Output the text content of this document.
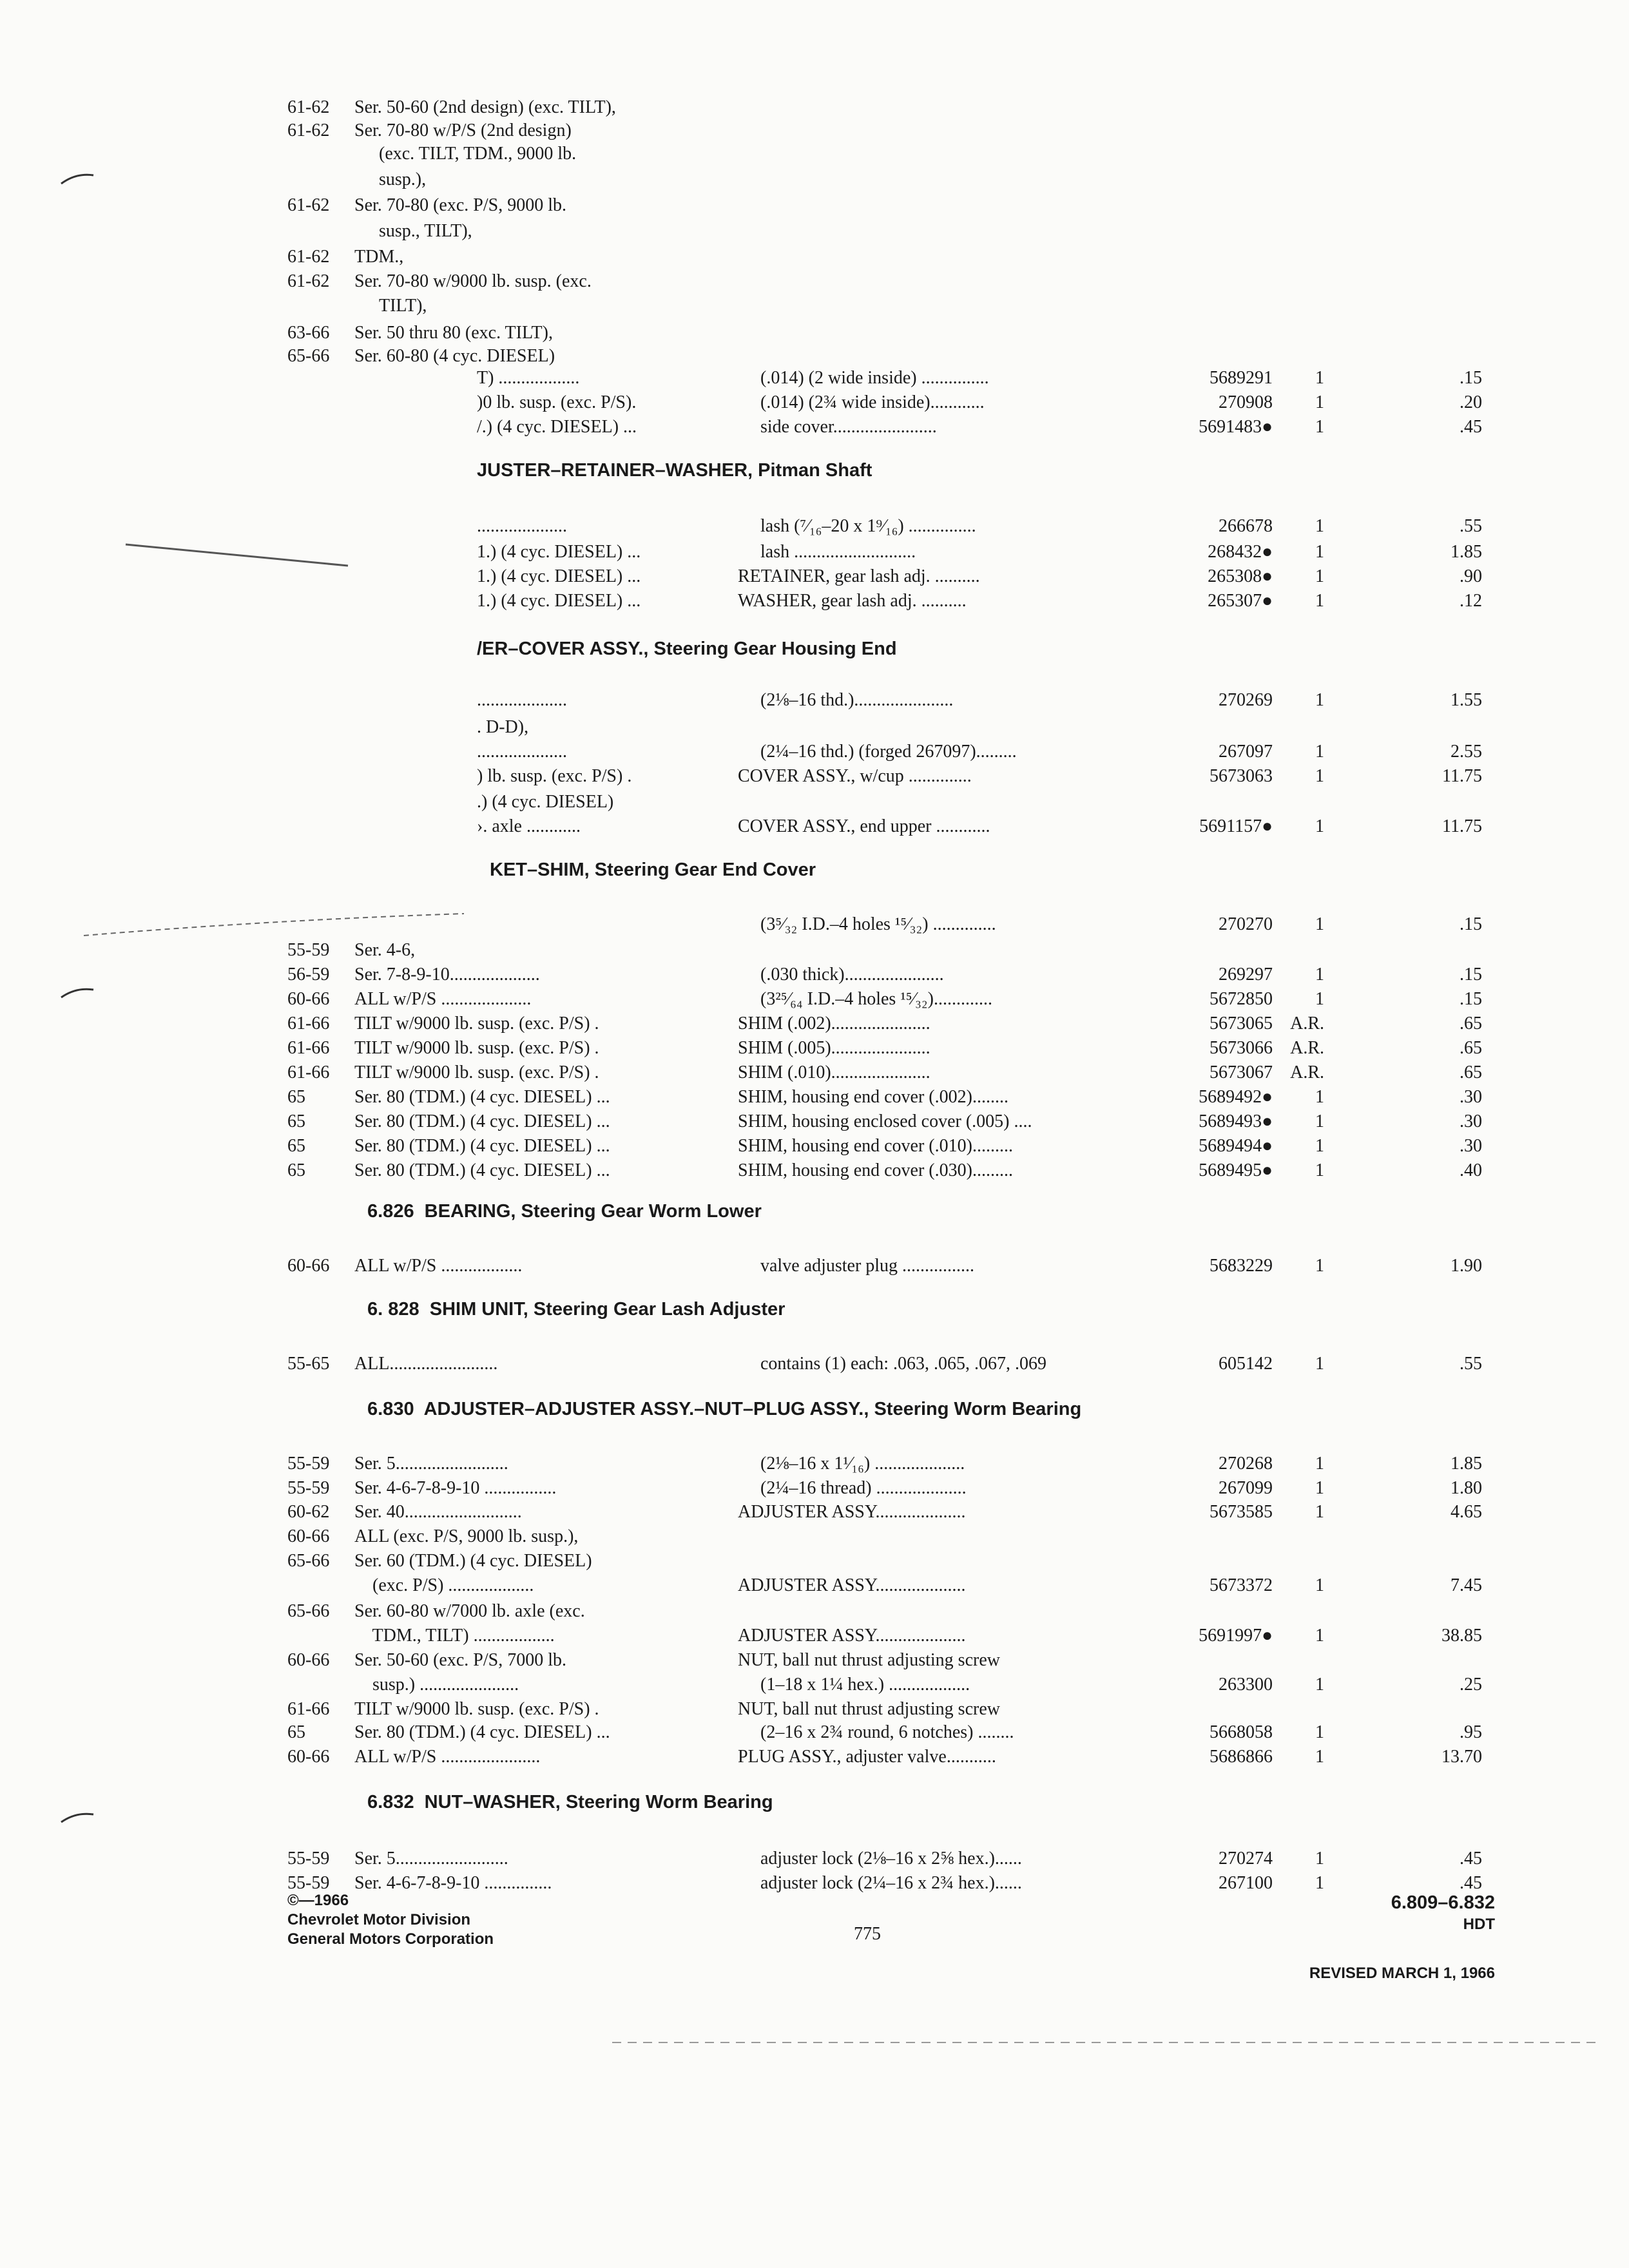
61-62 Ser. 50-60 (2nd design) (exc. TILT),
61-62 Ser. 70-80 w/P/S (2nd design)
(exc. TILT, TDM., 9000 lb.
susp.),
61-62 Ser. 70-80 (exc. P/S, 9000 lb.
susp., TILT),
61-62 TDM.,
61-62 Ser. 70-80 w/9000 lb. susp. (exc.
TILT),
63-66 Ser. 50 thru 80 (exc. TILT),
65-66 Ser. 60-80 (4 cyc. DIESEL)
T) ..................	(.014) (2 wide inside) ...............	5689291	1	.15
)0 lb. susp. (exc. P/S).	(.014) (2¾ wide inside)............	270908	1	.20
/.) (4 cyc. DIESEL) ...	side cover.......................	5691483●	1	.45
JUSTER–RETAINER–WASHER, Pitman Shaft
....................	lash (⁷⁄₁₆–20 x 1⁹⁄₁₆) ...............	266678	1	.55
1.) (4 cyc. DIESEL) ...	lash ...........................	268432●	1	1.85
1.) (4 cyc. DIESEL) ...	RETAINER, gear lash adj. ..........	265308●	1	.90
1.) (4 cyc. DIESEL) ...	WASHER, gear lash adj. ..........	265307●	1	.12
/ER–COVER ASSY., Steering Gear Housing End
....................	(2⅛–16 thd.)......................	270269	1	1.55
. D-D),
....................	(2¼–16 thd.) (forged 267097).........	267097	1	2.55
) lb. susp. (exc. P/S) .	COVER ASSY., w/cup ..............	5673063	1	11.75
.) (4 cyc. DIESEL)
›. axle ............	COVER ASSY., end upper ............	5691157●	1	11.75
KET–SHIM, Steering Gear End Cover
(3⁵⁄₃₂ I.D.–4 holes ¹⁵⁄₃₂) ..............	270270	1	.15
55-59 Ser. 4-6,
56-59 Ser. 7-8-9-10....................	(.030 thick)......................	269297	1	.15
60-66 ALL w/P/S ....................	(3²⁵⁄₆₄ I.D.–4 holes ¹⁵⁄₃₂).............	5672850	1	.15
61-66 TILT w/9000 lb. susp. (exc. P/S) .	SHIM (.002)......................	5673065 A.R.	.65
61-66 TILT w/9000 lb. susp. (exc. P/S) .	SHIM (.005)......................	5673066 A.R.	.65
61-66 TILT w/9000 lb. susp. (exc. P/S) .	SHIM (.010)......................	5673067 A.R.	.65
65	Ser. 80 (TDM.) (4 cyc. DIESEL) ...	SHIM, housing end cover (.002)........	5689492●	1	.30
65	Ser. 80 (TDM.) (4 cyc. DIESEL) ...	SHIM, housing enclosed cover (.005) ....	5689493●	1	.30
65	Ser. 80 (TDM.) (4 cyc. DIESEL) ...	SHIM, housing end cover (.010).........	5689494●	1	.30
65	Ser. 80 (TDM.) (4 cyc. DIESEL) ...	SHIM, housing end cover (.030).........	5689495●	1	.40
6.826  BEARING, Steering Gear Worm Lower
60-66 ALL w/P/S ..................	valve adjuster plug ................	5683229	1	1.90
6. 828  SHIM UNIT, Steering Gear Lash Adjuster
55-65 ALL........................	contains (1) each: .063, .065, .067, .069	605142	1	.55
6.830  ADJUSTER–ADJUSTER ASSY.–NUT–PLUG ASSY., Steering Worm Bearing
55-59 Ser. 5.........................	(2⅛–16 x 1¹⁄₁₆) ....................	270268	1	1.85
55-59 Ser. 4-6-7-8-9-10 ................	(2¼–16 thread) ....................	267099	1	1.80
60-62 Ser. 40..........................	ADJUSTER ASSY....................	5673585	1	4.65
60-66 ALL (exc. P/S, 9000 lb. susp.),
65-66 Ser. 60 (TDM.) (4 cyc. DIESEL)
(exc. P/S) ...................	ADJUSTER ASSY....................	5673372	1	7.45
65-66 Ser. 60-80 w/7000 lb. axle (exc.
TDM., TILT) ..................	ADJUSTER ASSY....................	5691997●	1	38.85
60-66 Ser. 50-60 (exc. P/S, 7000 lb.	NUT, ball nut thrust adjusting screw
susp.) ......................	(1–18 x 1¼ hex.) ..................	263300	1	.25
61-66 TILT w/9000 lb. susp. (exc. P/S) .	NUT, ball nut thrust adjusting screw
65	Ser. 80 (TDM.) (4 cyc. DIESEL) ...	(2–16 x 2¾ round, 6 notches) ........	5668058	1	.95
60-66 ALL w/P/S ......................	PLUG ASSY., adjuster valve...........	5686866	1	13.70
6.832  NUT–WASHER, Steering Worm Bearing
55-59 Ser. 5.........................	adjuster lock (2⅛–16 x 2⅝ hex.)......	270274	1	.45
55-59 Ser. 4-6-7-8-9-10 ...............	adjuster lock (2¼–16 x 2¾ hex.)......	267100	1	.45
©—1966
Chevrolet Motor Division
General Motors Corporation	775
6.809–6.832
HDT
REVISED MARCH 1, 1966
